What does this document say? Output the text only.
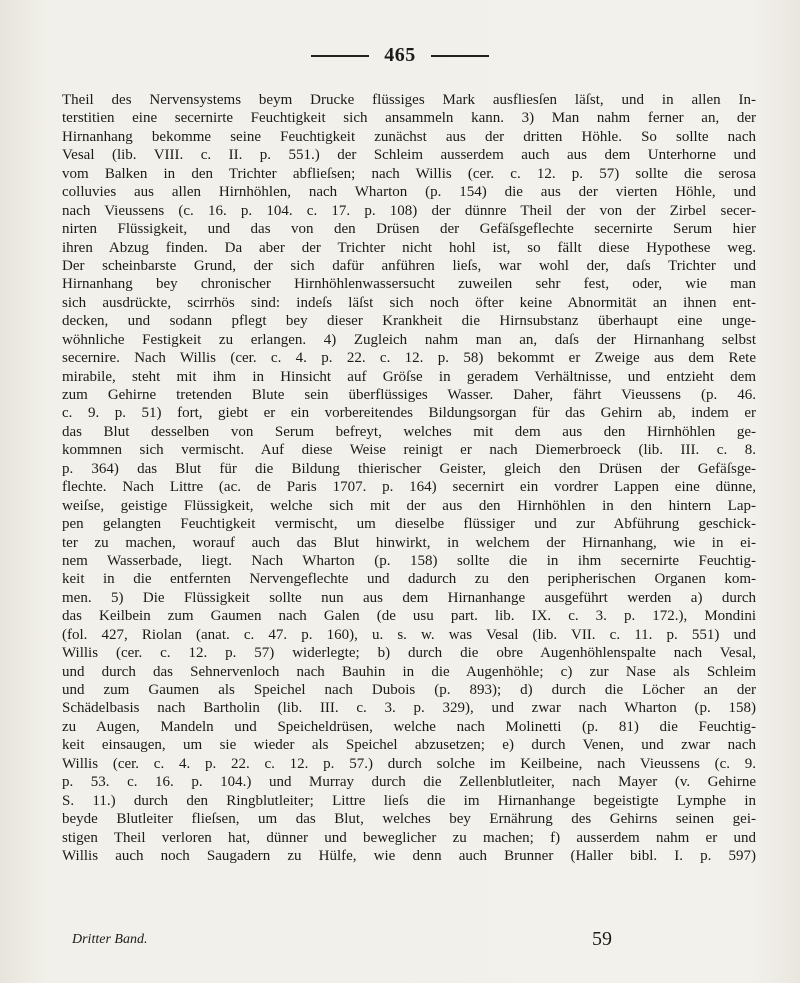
465
Theil des Nervensystems beym Drucke flüssiges Mark ausfliesſen läſst, und in allen In-
terstitien eine secernirte Feuchtigkeit sich ansammeln kann. 3) Man nahm ferner an, der
Hirnanhang bekomme seine Feuchtigkeit zunächst aus der dritten Höhle. So sollte nach
Vesal (lib. VIII. c. II. p. 551.) der Schleim ausserdem auch aus dem Unterhorne und
vom Balken in den Trichter abflieſsen; nach Willis (cer. c. 12. p. 57) sollte die serosa
colluvies aus allen Hirnhöhlen, nach Wharton (p. 154) die aus der vierten Höhle, und
nach Vieussens (c. 16. p. 104. c. 17. p. 108) der dünnre Theil der von der Zirbel secer-
nirten Flüssigkeit, und das von den Drüsen der Gefäſsgeflechte secernirte Serum hier
ihren Abzug finden. Da aber der Trichter nicht hohl ist, so fällt diese Hypothese weg.
Der scheinbarste Grund, der sich dafür anführen lieſs, war wohl der, daſs Trichter und
Hirnanhang bey chronischer Hirnhöhlenwassersucht zuweilen sehr fest, oder, wie man
sich ausdrückte, scirrhös sind: indeſs läſst sich noch öfter keine Abnormität an ihnen ent-
decken, und sodann pflegt bey dieser Krankheit die Hirnsubstanz überhaupt eine unge-
wöhnliche Festigkeit zu erlangen. 4) Zugleich nahm man an, daſs der Hirnanhang selbst
secernire. Nach Willis (cer. c. 4. p. 22. c. 12. p. 58) bekommt er Zweige aus dem Rete
mirabile, steht mit ihm in Hinsicht auf Gröſse in geradem Verhältnisse, und entzieht dem
zum Gehirne tretenden Blute sein überflüssiges Wasser. Daher, fährt Vieussens (p. 46.
c. 9. p. 51) fort, giebt er ein vorbereitendes Bildungsorgan für das Gehirn ab, indem er
das Blut desselben von Serum befreyt, welches mit dem aus den Hirnhöhlen ge-
kommnen sich vermischt. Auf diese Weise reinigt er nach Diemerbroeck (lib. III. c. 8.
p. 364) das Blut für die Bildung thierischer Geister, gleich den Drüsen der Gefäſsge-
flechte. Nach Littre (ac. de Paris 1707. p. 164) secernirt ein vordrer Lappen eine dünne,
weiſse, geistige Flüssigkeit, welche sich mit der aus den Hirnhöhlen in den hintern Lap-
pen gelangten Feuchtigkeit vermischt, um dieselbe flüssiger und zur Abführung geschick-
ter zu machen, worauf auch das Blut hinwirkt, in welchem der Hirnanhang, wie in ei-
nem Wasserbade, liegt. Nach Wharton (p. 158) sollte die in ihm secernirte Feuchtig-
keit in die entfernten Nervengeflechte und dadurch zu den peripherischen Organen kom-
men. 5) Die Flüssigkeit sollte nun aus dem Hirnanhange ausgeführt werden a) durch
das Keilbein zum Gaumen nach Galen (de usu part. lib. IX. c. 3. p. 172.), Mondini
(fol. 427, Riolan (anat. c. 47. p. 160), u. s. w. was Vesal (lib. VII. c. 11. p. 551) und
Willis (cer. c. 12. p. 57) widerlegte; b) durch die obre Augenhöhlenspalte nach Vesal,
und durch das Sehnervenloch nach Bauhin in die Augenhöhle; c) zur Nase als Schleim
und zum Gaumen als Speichel nach Dubois (p. 893); d) durch die Löcher an der
Schädelbasis nach Bartholin (lib. III. c. 3. p. 329), und zwar nach Wharton (p. 158)
zu Augen, Mandeln und Speicheldrüsen, welche nach Molinetti (p. 81) die Feuchtig-
keit einsaugen, um sie wieder als Speichel abzusetzen; e) durch Venen, und zwar nach
Willis (cer. c. 4. p. 22. c. 12. p. 57.) durch solche im Keilbeine, nach Vieussens (c. 9.
p. 53. c. 16. p. 104.) und Murray durch die Zellenblutleiter, nach Mayer (v. Gehirne
S. 11.) durch den Ringblutleiter; Littre lieſs die im Hirnanhange begeistigte Lymphe in
beyde Blutleiter flieſsen, um das Blut, welches bey Ernährung des Gehirns seinen gei-
stigen Theil verloren hat, dünner und beweglicher zu machen; f) ausserdem nahm er und
Willis auch noch Saugadern zu Hülfe, wie denn auch Brunner (Haller bibl. I. p. 597)
Dritter Band.	59
